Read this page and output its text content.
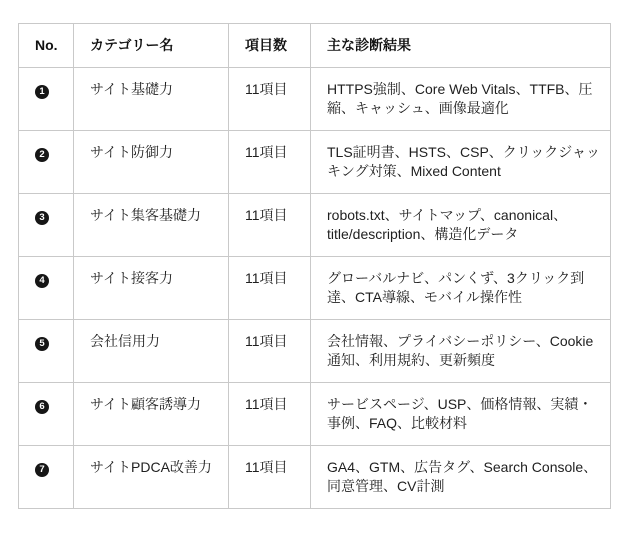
No.	カテゴリー名	項目数	主な診断結果
1	サイト基礎力	11項目	HTTPS強制、Core Web Vitals、TTFB、圧縮、キャッシュ、画像最適化
2	サイト防御力	11項目	TLS証明書、HSTS、CSP、クリックジャッキング対策、Mixed Content
3	サイト集客基礎力	11項目	robots.txt、サイトマップ、canonical、title/description、構造化データ
4	サイト接客力	11項目	グローバルナビ、パンくず、3クリック到達、CTA導線、モバイル操作性
5	会社信用力	11項目	会社情報、プライバシーポリシー、Cookie通知、利用規約、更新頻度
6	サイト顧客誘導力	11項目	サービスページ、USP、価格情報、実績・事例、FAQ、比較材料
7	サイトPDCA改善力	11項目	GA4、GTM、広告タグ、Search Console、同意管理、CV計測
